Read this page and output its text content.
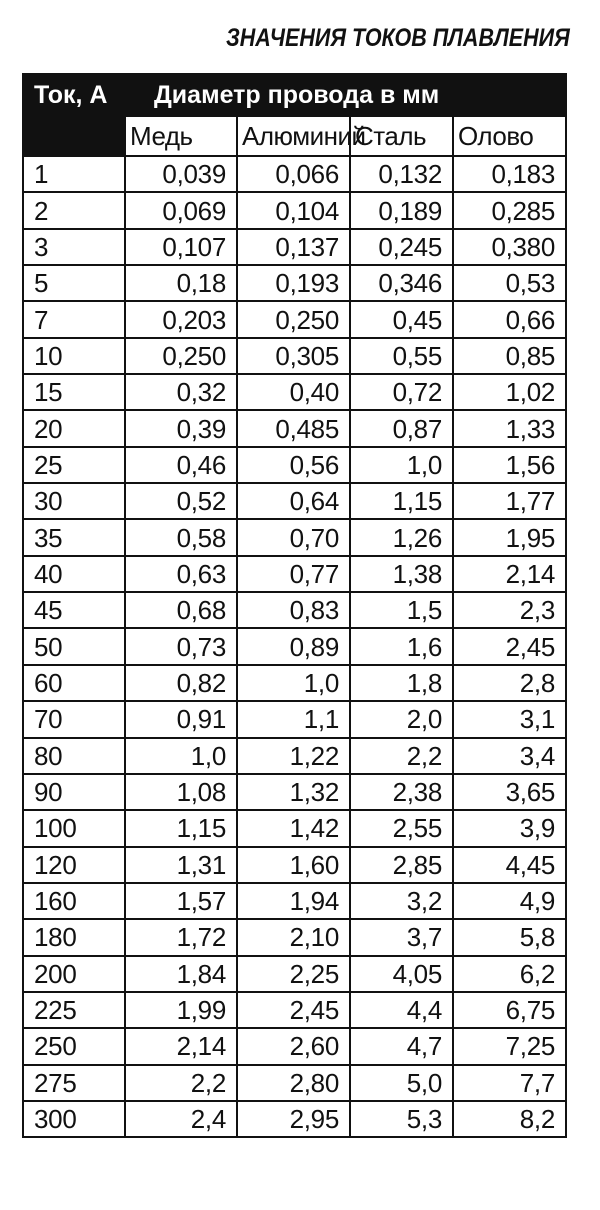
ЗНАЧЕНИЯ ТОКОВ ПЛАВЛЕНИЯ
Ток, А	Диаметр провода в мм			
	Медь	Алюминий	Сталь	Олово
1	0,039	0,066	0,132	0,183
2	0,069	0,104	0,189	0,285
3	0,107	0,137	0,245	0,380
5	0,18	0,193	0,346	0,53
7	0,203	0,250	0,45	0,66
10	0,250	0,305	0,55	0,85
15	0,32	0,40	0,72	1,02
20	0,39	0,485	0,87	1,33
25	0,46	0,56	1,0	1,56
30	0,52	0,64	1,15	1,77
35	0,58	0,70	1,26	1,95
40	0,63	0,77	1,38	2,14
45	0,68	0,83	1,5	2,3
50	0,73	0,89	1,6	2,45
60	0,82	1,0	1,8	2,8
70	0,91	1,1	2,0	3,1
80	1,0	1,22	2,2	3,4
90	1,08	1,32	2,38	3,65
100	1,15	1,42	2,55	3,9
120	1,31	1,60	2,85	4,45
160	1,57	1,94	3,2	4,9
180	1,72	2,10	3,7	5,8
200	1,84	2,25	4,05	6,2
225	1,99	2,45	4,4	6,75
250	2,14	2,60	4,7	7,25
275	2,2	2,80	5,0	7,7
300	2,4	2,95	5,3	8,2
